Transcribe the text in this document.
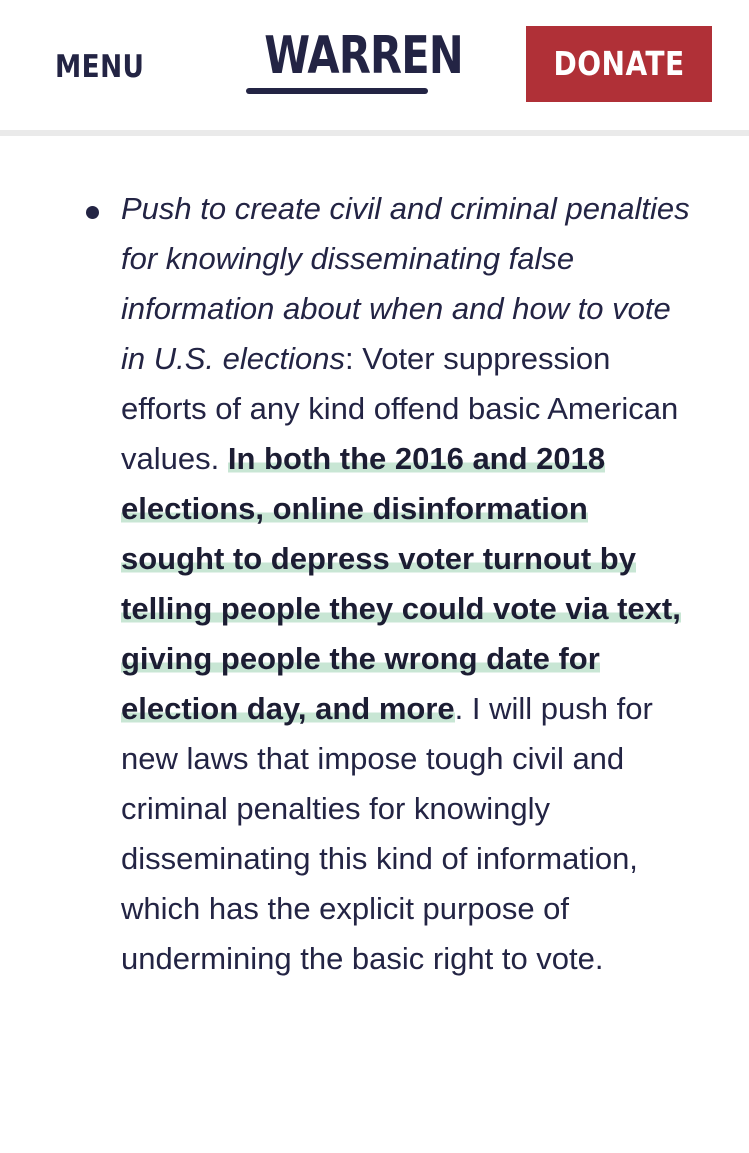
MENU WARREN	DONATE

Push to create civil and criminal penalties for knowingly disseminating false information about when and how to vote in U.S. elections: Voter suppression efforts of any kind offend basic American values. In both the 2016 and 2018 elections, online disinformation sought to depress voter turnout by telling people they could vote via text, giving people the wrong date for election day, and more. I will push for new laws that impose tough civil and criminal penalties for knowingly disseminating this kind of information, which has the explicit purpose of undermining the basic right to vote.
